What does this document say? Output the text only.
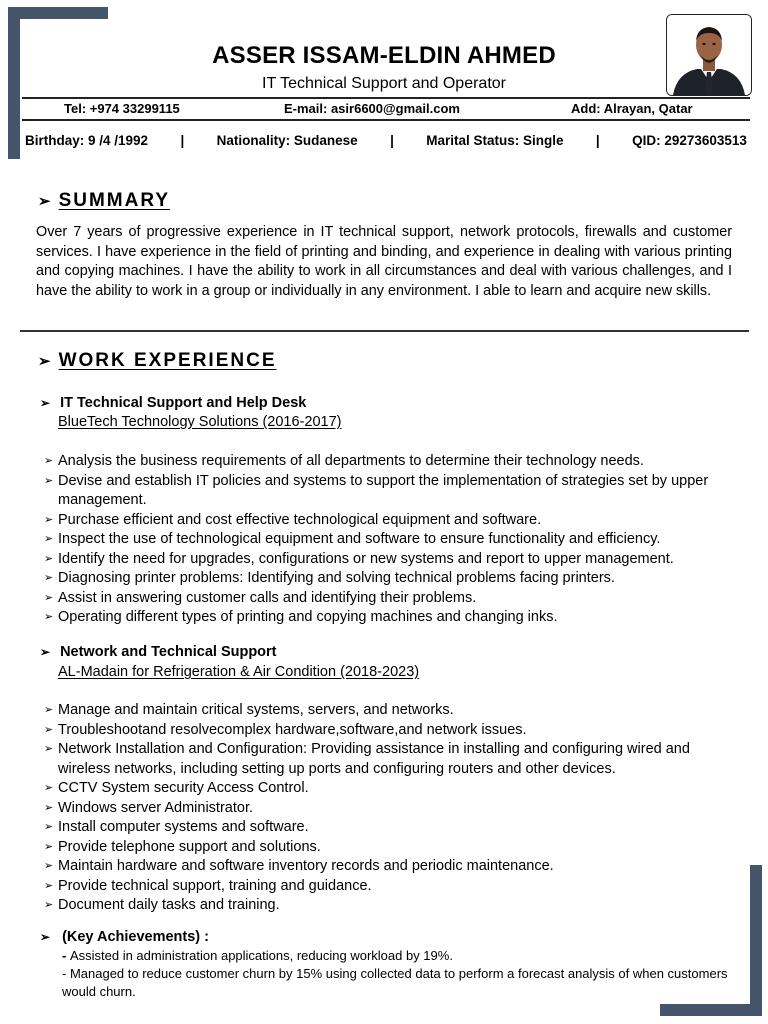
ASSER ISSAM-ELDIN AHMED
IT Technical Support and Operator
Tel: +974 33299115	E-mail: asir6600@gmail.com	Add: Alrayan, Qatar
Birthday: 9 /4 /1992 | Nationality: Sudanese | Marital Status: Single | QID: 29273603513
➢ SUMMARY

Over 7 years of progressive experience in IT technical support, network protocols, firewalls and customer services. I have experience in the field of printing and binding, and experience in dealing with various printing and copying machines. I have the ability to work in all circumstances and deal with various challenges, and I have the ability to work in a group or individually in any environment. I able to learn and acquire new skills.

➢ WORK EXPERIENCE
➢ IT Technical Support and Help Desk
BlueTech Technology Solutions (2016-2017)
➢ Analysis the business requirements of all departments to determine their technology needs.
➢ Devise and establish IT policies and systems to support the implementation of strategies set by upper management.
➢ Purchase efficient and cost effective technological equipment and software.
➢ Inspect the use of technological equipment and software to ensure functionality and efficiency.
➢ Identify the need for upgrades, configurations or new systems and report to upper management.
➢ Diagnosing printer problems: Identifying and solving technical problems facing printers.
➢ Assist in answering customer calls and identifying their problems.
➢ Operating different types of printing and copying machines and changing inks.
➢ Network and Technical Support
AL-Madain for Refrigeration & Air Condition (2018-2023)
➢ Manage and maintain critical systems, servers, and networks.
➢ Troubleshootand resolvecomplex hardware,software,and network issues.
➢ Network Installation and Configuration: Providing assistance in installing and configuring wired and wireless networks, including setting up ports and configuring routers and other devices.
➢ CCTV System security Access Control.
➢ Windows server Administrator.
➢ Install computer systems and software.
➢ Provide telephone support and solutions.
➢ Maintain hardware and software inventory records and periodic maintenance.
➢ Provide technical support, training and guidance.
➢ Document daily tasks and training.
➢ (Key Achievements) :

- Assisted in administration applications, reducing workload by 19%.

- Managed to reduce customer churn by 15% using collected data to perform a forecast analysis of when customers would churn.
